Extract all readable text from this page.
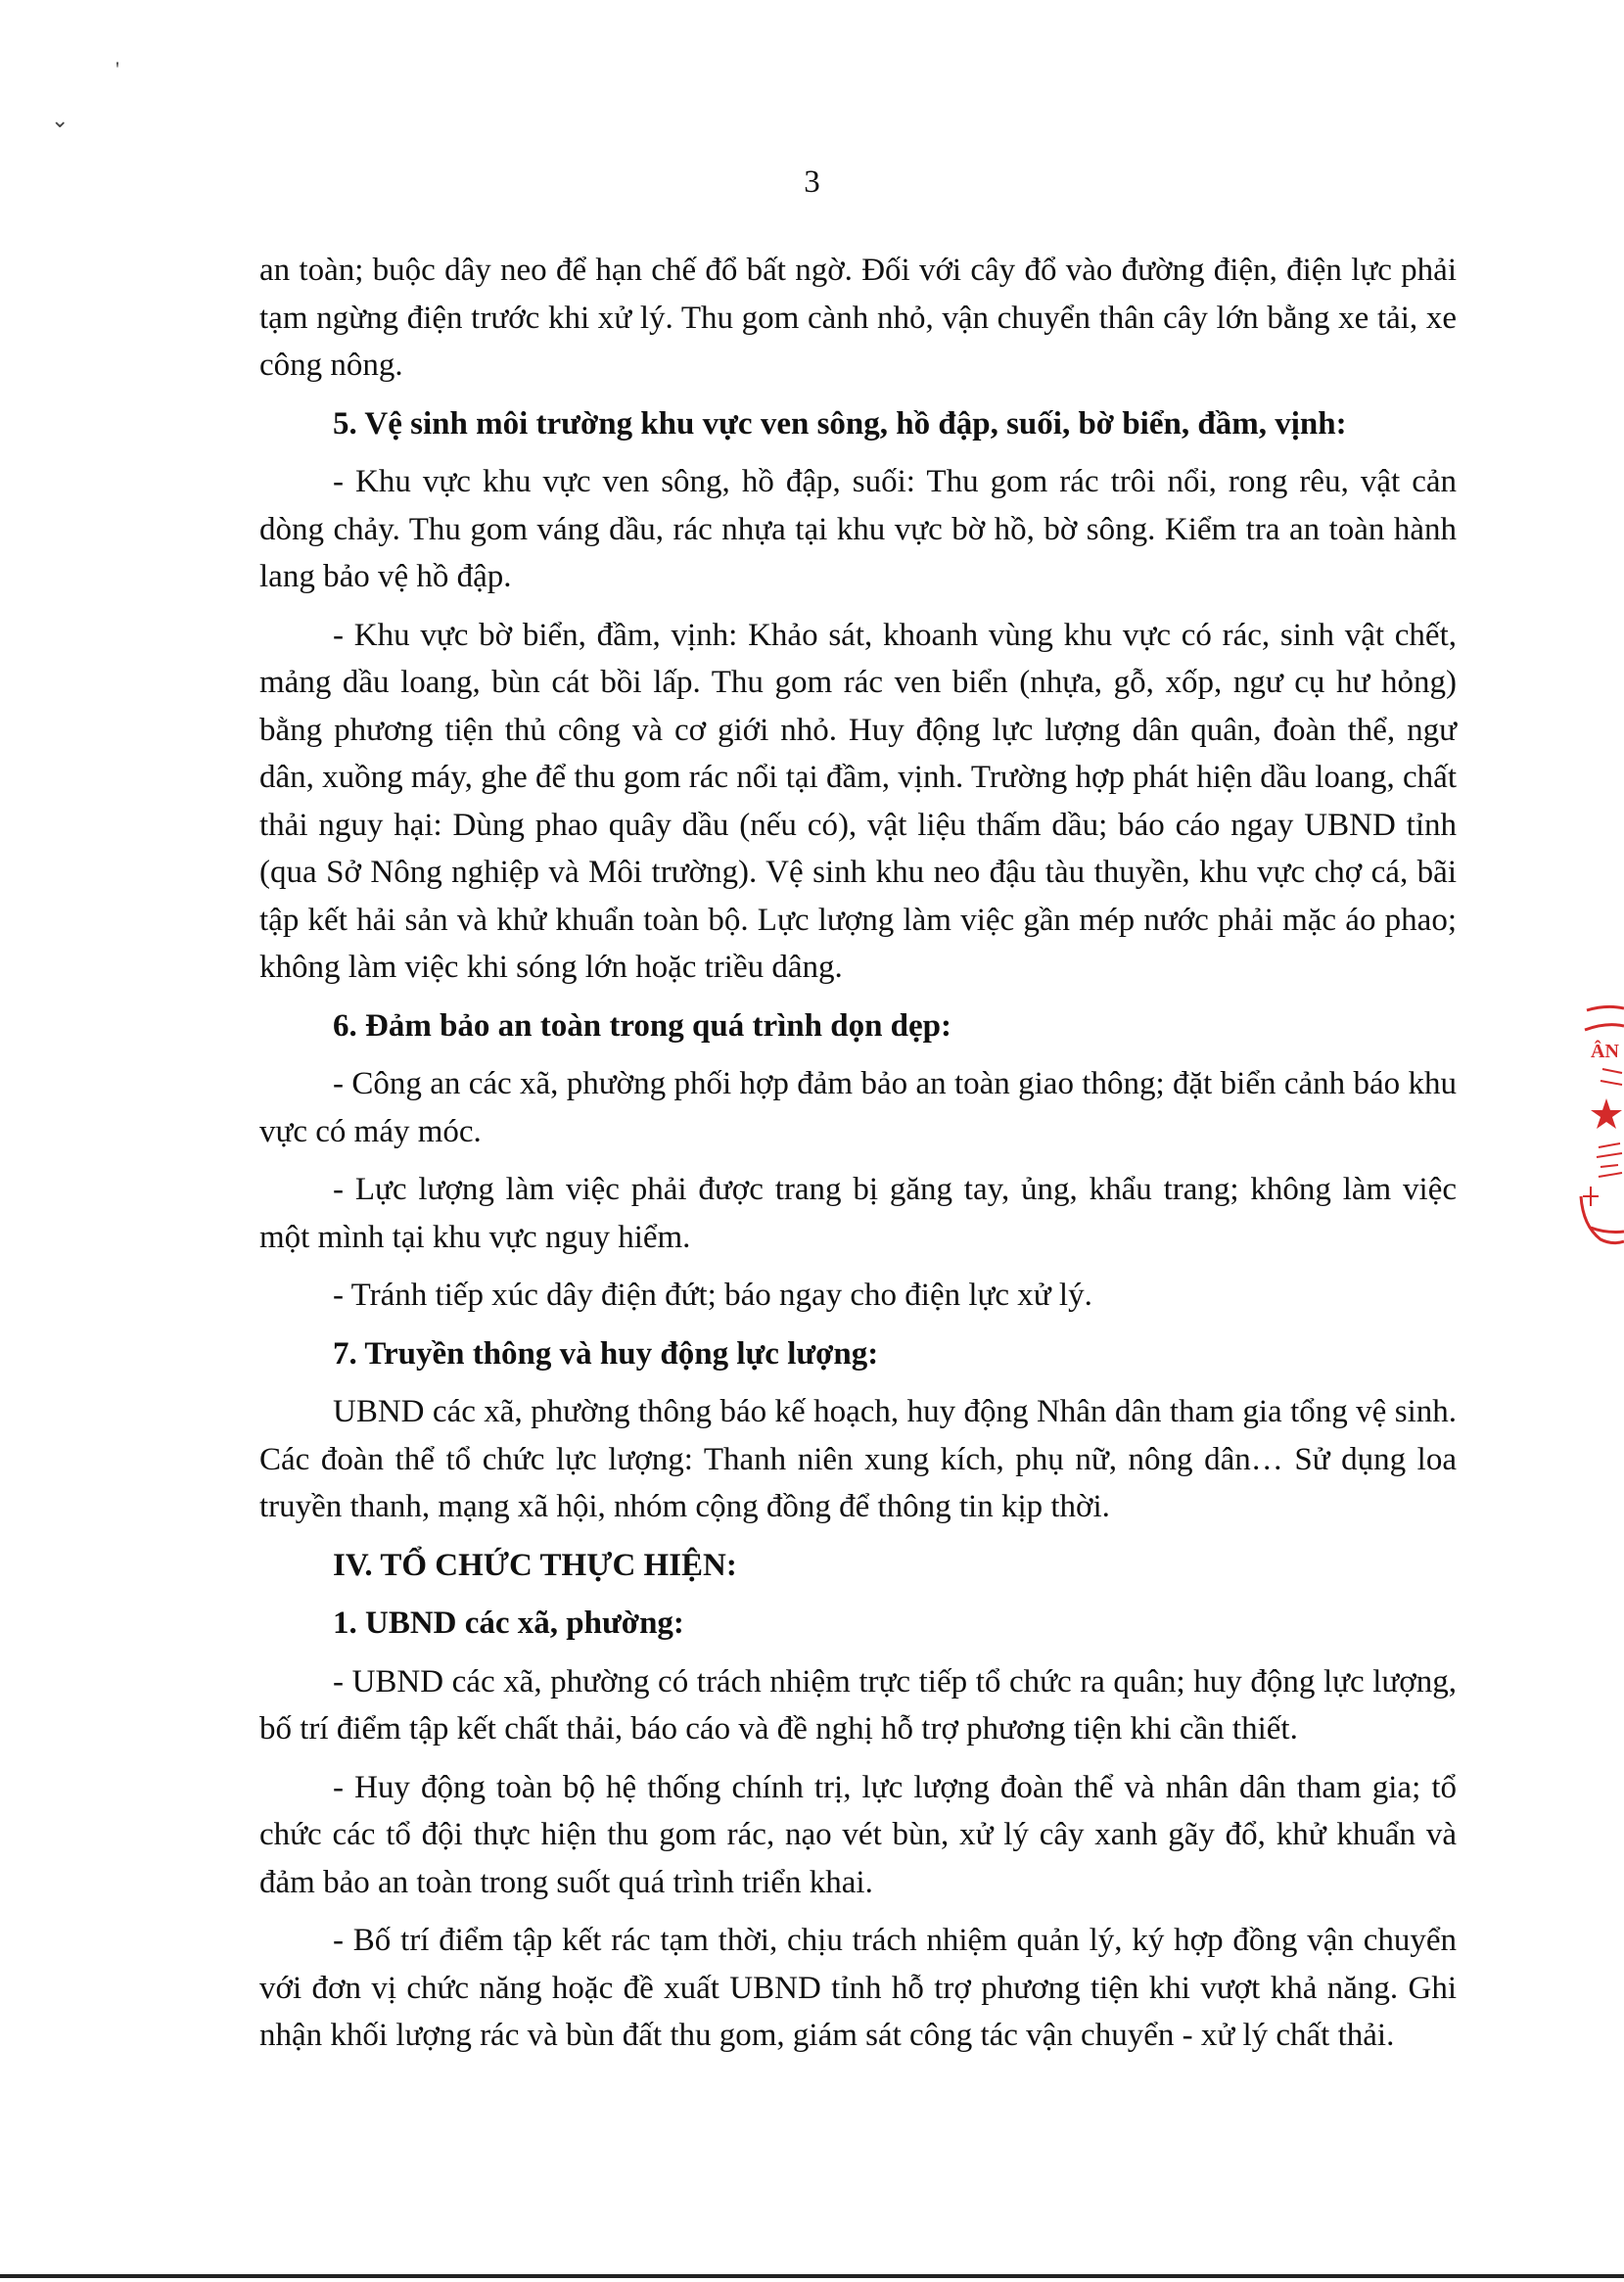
'
⌄
3

an toàn; buộc dây neo để hạn chế đổ bất ngờ. Đối với cây đổ vào đường điện, điện lực phải tạm ngừng điện trước khi xử lý. Thu gom cành nhỏ, vận chuyển thân cây lớn bằng xe tải, xe công nông.

5. Vệ sinh môi trường khu vực ven sông, hồ đập, suối, bờ biển, đầm, vịnh:

- Khu vực khu vực ven sông, hồ đập, suối: Thu gom rác trôi nổi, rong rêu, vật cản dòng chảy. Thu gom váng dầu, rác nhựa tại khu vực bờ hồ, bờ sông. Kiểm tra an toàn hành lang bảo vệ hồ đập.

- Khu vực bờ biển, đầm, vịnh: Khảo sát, khoanh vùng khu vực có rác, sinh vật chết, mảng dầu loang, bùn cát bồi lấp. Thu gom rác ven biển (nhựa, gỗ, xốp, ngư cụ hư hỏng) bằng phương tiện thủ công và cơ giới nhỏ. Huy động lực lượng dân quân, đoàn thể, ngư dân, xuồng máy, ghe để thu gom rác nổi tại đầm, vịnh. Trường hợp phát hiện dầu loang, chất thải nguy hại: Dùng phao quây dầu (nếu có), vật liệu thấm dầu; báo cáo ngay UBND tỉnh (qua Sở Nông nghiệp và Môi trường). Vệ sinh khu neo đậu tàu thuyền, khu vực chợ cá, bãi tập kết hải sản và khử khuẩn toàn bộ. Lực lượng làm việc gần mép nước phải mặc áo phao; không làm việc khi sóng lớn hoặc triều dâng.

6. Đảm bảo an toàn trong quá trình dọn dẹp:

- Công an các xã, phường phối hợp đảm bảo an toàn giao thông; đặt biển cảnh báo khu vực có máy móc.

- Lực lượng làm việc phải được trang bị găng tay, ủng, khẩu trang; không làm việc một mình tại khu vực nguy hiểm.

- Tránh tiếp xúc dây điện đứt; báo ngay cho điện lực xử lý.

7. Truyền thông và huy động lực lượng:

UBND các xã, phường thông báo kế hoạch, huy động Nhân dân tham gia tổng vệ sinh. Các đoàn thể tổ chức lực lượng: Thanh niên xung kích, phụ nữ, nông dân… Sử dụng loa truyền thanh, mạng xã hội, nhóm cộng đồng để thông tin kịp thời.

IV. TỔ CHỨC THỰC HIỆN:

1. UBND các xã, phường:

- UBND các xã, phường có trách nhiệm trực tiếp tổ chức ra quân; huy động lực lượng, bố trí điểm tập kết chất thải, báo cáo và đề nghị hỗ trợ phương tiện khi cần thiết.

- Huy động toàn bộ hệ thống chính trị, lực lượng đoàn thể và nhân dân tham gia; tổ chức các tổ đội thực hiện thu gom rác, nạo vét bùn, xử lý cây xanh gãy đổ, khử khuẩn và đảm bảo an toàn trong suốt quá trình triển khai.

- Bố trí điểm tập kết rác tạm thời, chịu trách nhiệm quản lý, ký hợp đồng vận chuyển với đơn vị chức năng hoặc đề xuất UBND tỉnh hỗ trợ phương tiện khi vượt khả năng. Ghi nhận khối lượng rác và bùn đất thu gom, giám sát công tác vận chuyển - xử lý chất thải.

ÂN
